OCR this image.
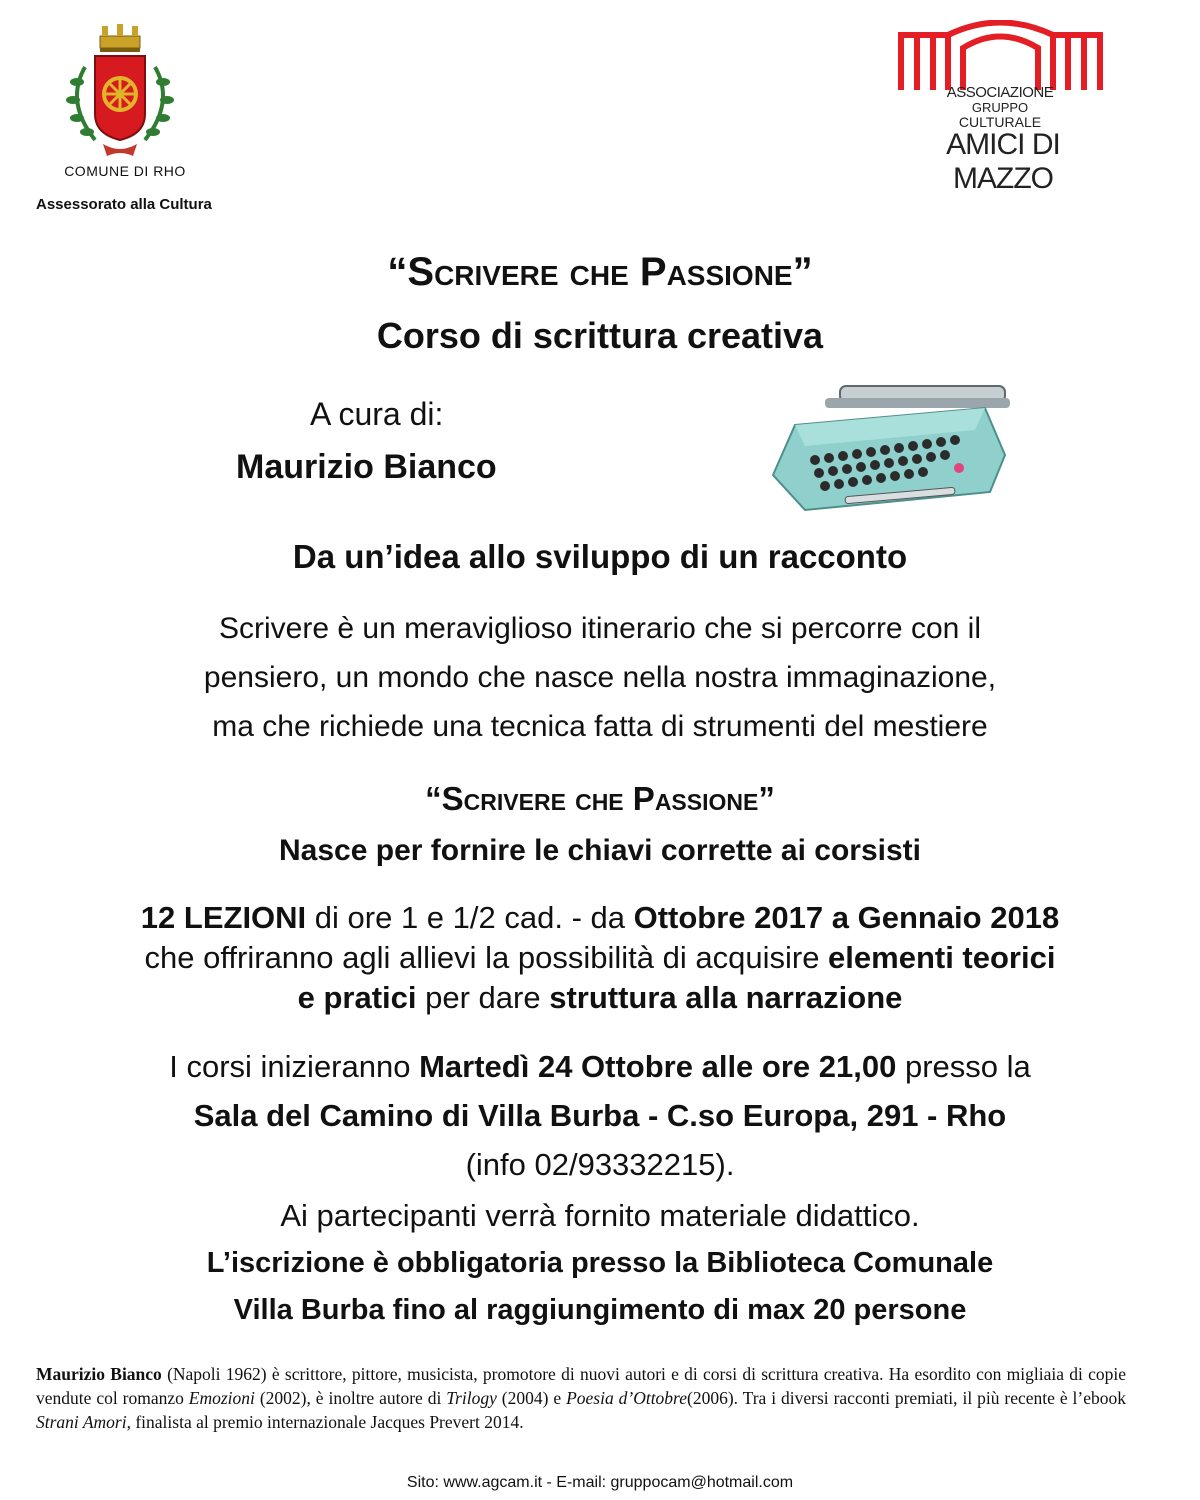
COMUNE DI RHO
Assessorato alla Cultura
ASSOCIAZIONE
GRUPPO
CULTURALE
AMICI DI MAZZO
“Scrivere che Passione”
Corso di scrittura creativa
A cura di:
Maurizio Bianco
Da un’idea allo sviluppo di un racconto
Scrivere è un meraviglioso itinerario che si percorre con il
pensiero, un mondo che nasce nella nostra immaginazione,
ma che richiede una tecnica fatta di strumenti del mestiere
“Scrivere che Passione”
Nasce per fornire le chiavi corrette ai corsisti
12 LEZIONI di ore 1 e 1/2 cad. - da Ottobre 2017 a Gennaio 2018
che offriranno agli allievi la possibilità di acquisire elementi teorici
e pratici per dare struttura alla narrazione
I corsi inizieranno Martedì 24 Ottobre alle ore 21,00 presso la
Sala del Camino di Villa Burba - C.so Europa, 291 - Rho
(info 02/93332215).
Ai partecipanti verrà fornito materiale didattico.
L’iscrizione è obbligatoria presso la Biblioteca Comunale
Villa Burba fino al raggiungimento di max 20 persone
Maurizio Bianco (Napoli 1962) è scrittore, pittore, musicista, promotore di nuovi autori e di corsi di scrittura creativa. Ha esordito con migliaia di copie vendute col romanzo Emozioni (2002), è inoltre autore di Trilogy (2004) e Poesia d’Ottobre(2006). Tra i diversi racconti premiati, il più recente è l’ebook Strani Amori, finalista al premio internazionale Jacques Prevert 2014.
Sito: www.agcam.it - E-mail: gruppocam@hotmail.com
